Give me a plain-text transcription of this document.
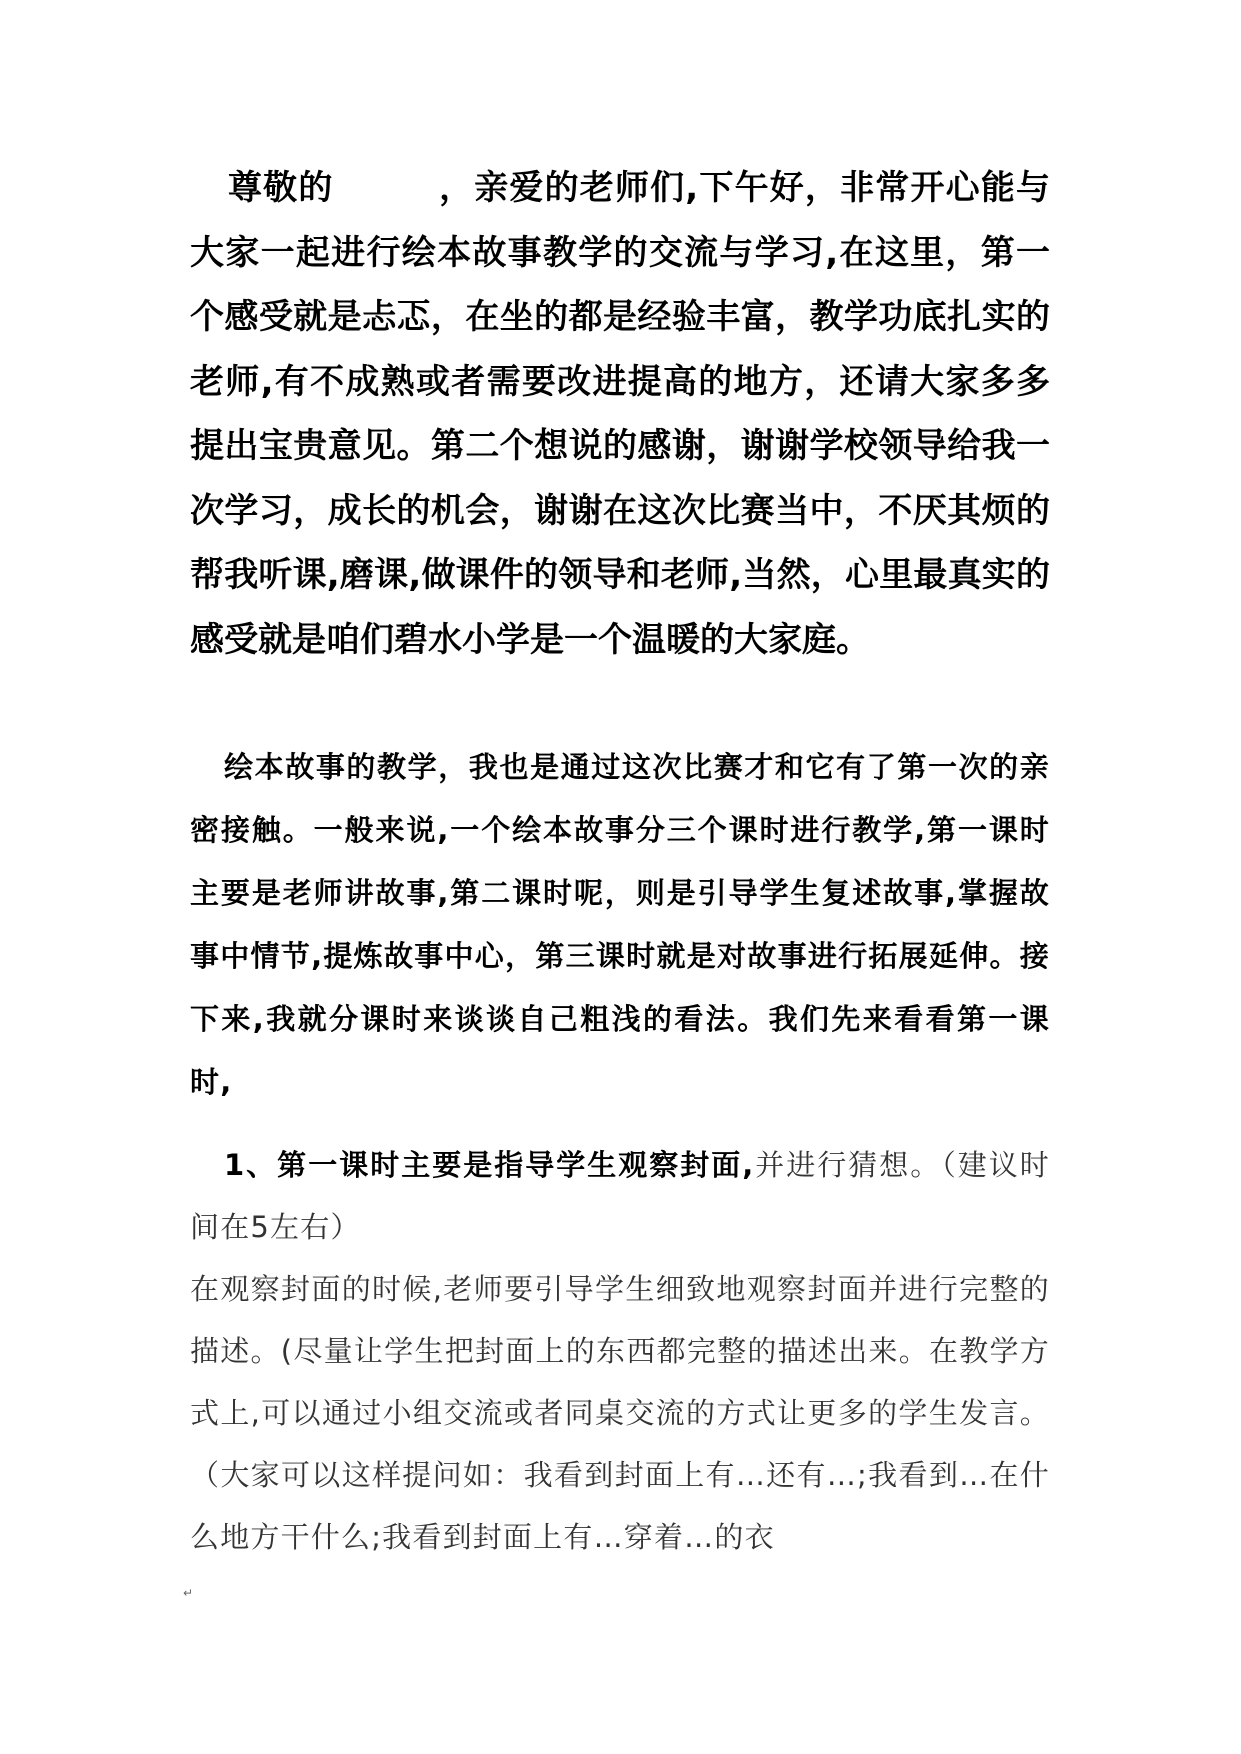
尊敬的　　　，亲爱的老师们,下午好，非常开心能与大家一起进行绘本故事教学的交流与学习,在这里，第一个感受就是忐忑，在坐的都是经验丰富，教学功底扎实的老师,有不成熟或者需要改进提高的地方，还请大家多多提出宝贵意见。第二个想说的感谢，谢谢学校领导给我一次学习，成长的机会，谢谢在这次比赛当中，不厌其烦的帮我听课,磨课,做课件的领导和老师,当然，心里最真实的感受就是咱们碧水小学是一个温暖的大家庭。

绘本故事的教学，我也是通过这次比赛才和它有了第一次的亲密接触。一般来说,一个绘本故事分三个课时进行教学,第一课时主要是老师讲故事,第二课时呢，则是引导学生复述故事,掌握故事中情节,提炼故事中心，第三课时就是对故事进行拓展延伸。接下来,我就分课时来谈谈自己粗浅的看法。我们先来看看第一课时,

1、第一课时主要是指导学生观察封面,并进行猜想。（建议时间在5左右）

在观察封面的时候,老师要引导学生细致地观察封面并进行完整的描述。(尽量让学生把封面上的东西都完整的描述出来。在教学方式上,可以通过小组交流或者同桌交流的方式让更多的学生发言。（大家可以这样提问如：我看到封面上有…还有…;我看到…在什么地方干什么;我看到封面上有…穿着…的衣

↵
